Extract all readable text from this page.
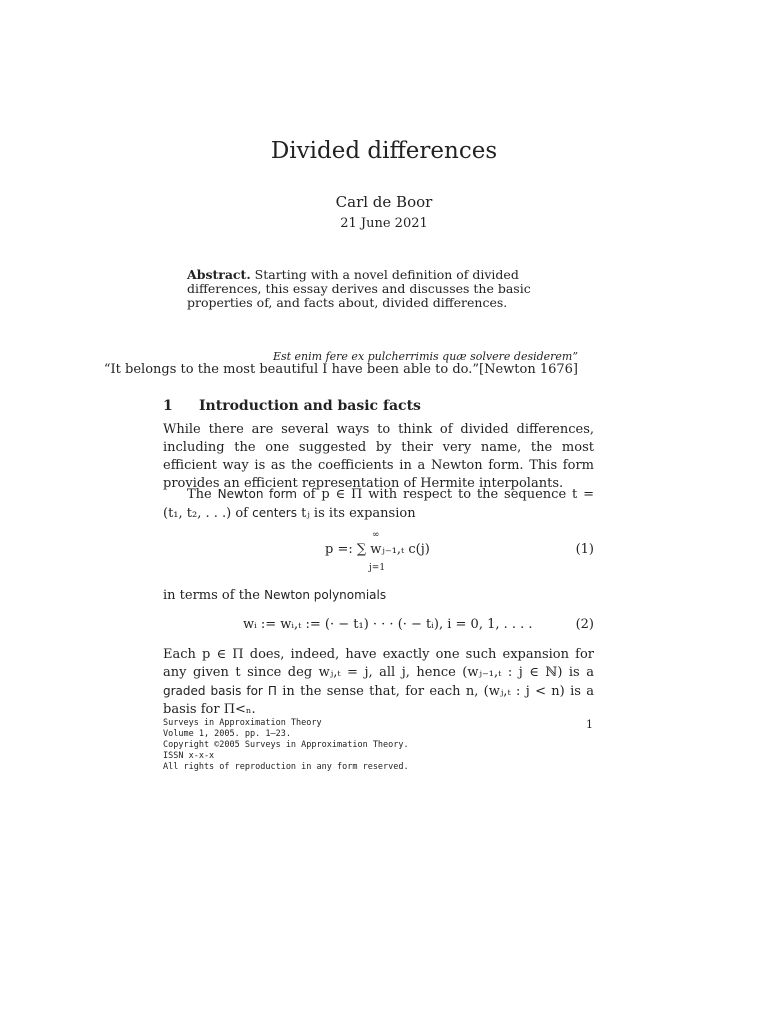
Divided differences
Carl de Boor
21 June 2021
Abstract. Starting with a novel definition of divided differences, this essay derives and discusses the basic properties of, and facts about, divided differences.
Est enim fere ex pulcherrimis quæ solvere desiderem”
“It belongs to the most beautiful I have been able to do.”[Newton 1676]
1 Introduction and basic facts
While there are several ways to think of divided differences, including the one suggested by their very name, the most efficient way is as the coefficients in a Newton form. This form provides an efficient representation of Hermite interpolants.
The Newton form of p ∈ Π with respect to the sequence t = (t₁, t₂, . . .) of centers tⱼ is its expansion
∞
p =: ∑ wⱼ₋₁,ₜ c(j)
j=1
(1)
in terms of the Newton polynomials
wᵢ := wᵢ,ₜ := (· − t₁) · · · (· − tᵢ), i = 0, 1, . . . .	(2)
Each p ∈ Π does, indeed, have exactly one such expansion for any given t since deg wⱼ,ₜ = j, all j, hence (wⱼ₋₁,ₜ : j ∈ ℕ) is a graded basis for Π in the sense that, for each n, (wⱼ,ₜ : j < n) is a basis for Π<ₙ.
Surveys in Approximation Theory
Volume 1, 2005. pp. 1–23.
Copyright ©2005 Surveys in Approximation Theory.
ISSN x-x-x
All rights of reproduction in any form reserved.
1
